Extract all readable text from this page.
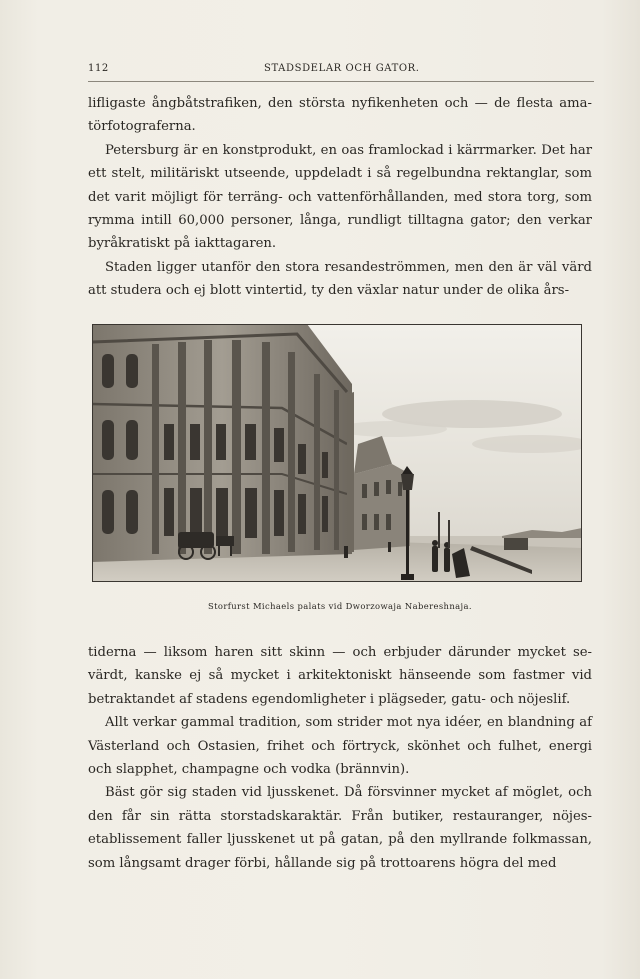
112	STADSDELAR OCH GATOR.

lifligaste ångbåtstrafiken, den största nyfikenheten och — de flesta ama-törfotograferna.

Petersburg är en konstprodukt, en oas framlockad i kärrmarker. Det har ett stelt, militäriskt utseende, uppdeladt i så regelbundna rektanglar, som det varit möjligt för terräng- och vattenförhållanden, med stora torg, som rymma intill 60,000 personer, långa, rundligt tilltagna gator; den verkar byråkratiskt på iakttagaren.

Staden ligger utanför den stora resandeströmmen, men den är väl värd att studera och ej blott vintertid, ty den växlar natur under de olika års-

Storfurst Michaels palats vid Dworzowaja Nabereshnaja.

tiderna — liksom haren sitt skinn — och erbjuder därunder mycket se-värdt, kanske ej så mycket i arkitektoniskt hänseende som fastmer vid betraktandet af stadens egendomligheter i plägseder, gatu- och nöjeslif.

Allt verkar gammal tradition, som strider mot nya idéer, en blandning af Västerland och Ostasien, frihet och förtryck, skönhet och fulhet, energi och slapphet, champagne och vodka (brännvin).

Bäst gör sig staden vid ljusskenet. Då försvinner mycket af möglet, och den får sin rätta storstadskaraktär. Från butiker, restauranger, nöjes-etablissement faller ljusskenet ut på gatan, på den myllrande folkmassan, som långsamt drager förbi, hållande sig på trottoarens högra del med
